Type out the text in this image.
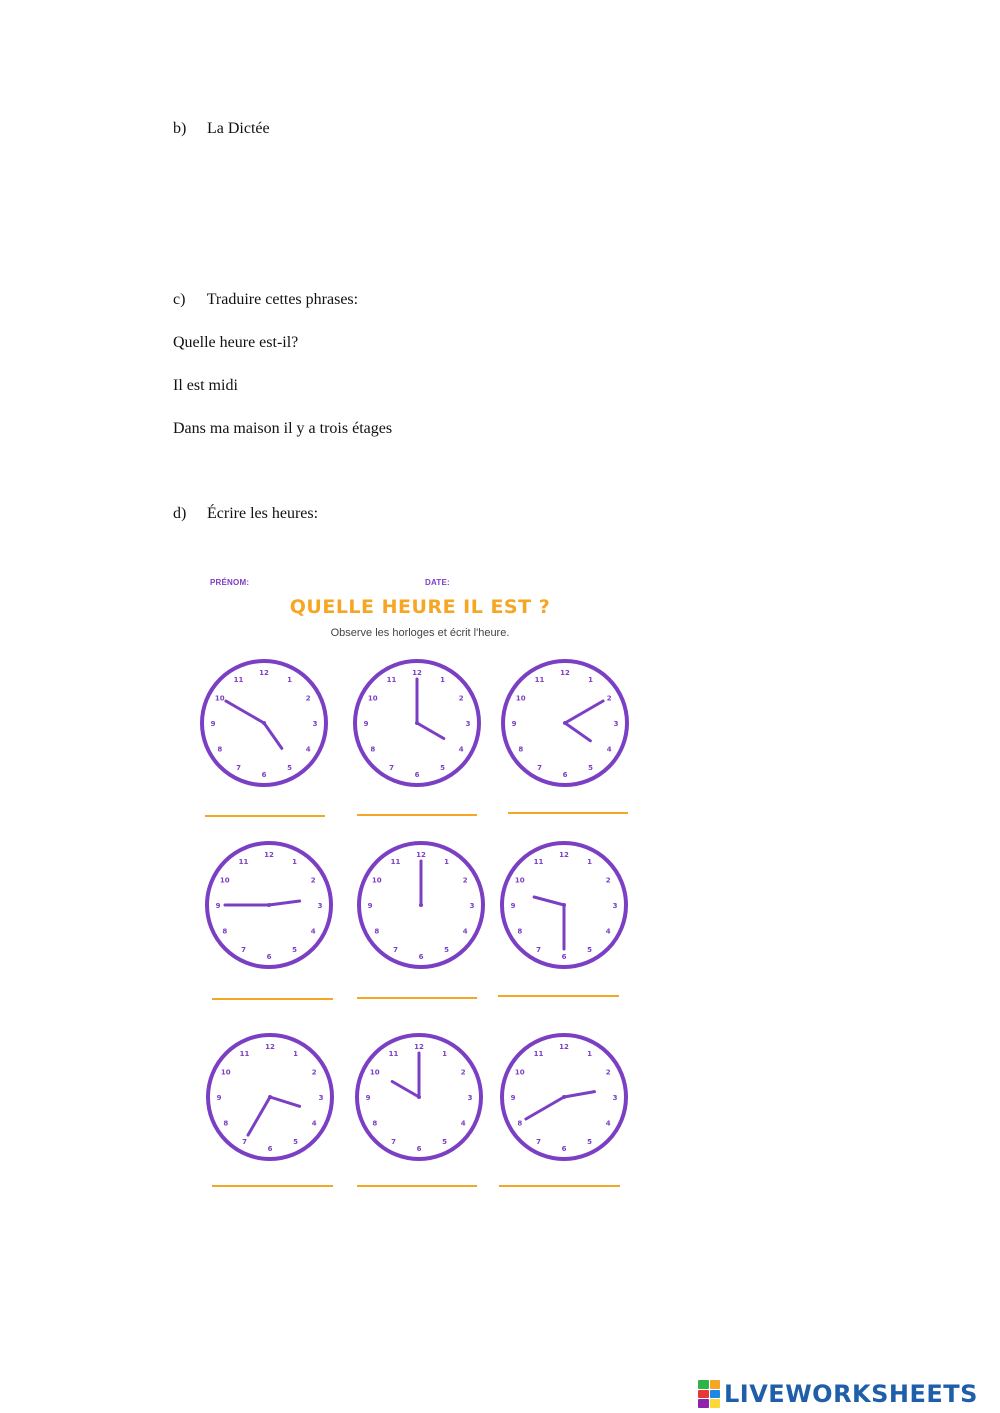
b) La Dictée
c) Traduire cettes phrases:
Quelle heure est-il?
Il est midi
Dans ma maison il y a trois étages
d) Écrire les heures:
PRÉNOM:	DATE:
QUELLE HEURE IL EST ?
Observe les horloges et écrit l'heure.
12
1
2
3
4
5
6
7
8
9
10
11
12
1
2
3
4
5
6
7
8
9
10
11
12
1
2
3
4
5
6
7
8
9
10
11
12
1
2
3
4
5
6
7
8
9
10
11
12
1
2
3
4
5
6
7
8
9
10
11
12
1
2
3
4
5
6
7
8
9
10
11
12
1
2
3
4
5
6
7
8
9
10
11
12
1
2
3
4
5
6
7
8
9
10
11
12
1
2
3
4
5
6
7
8
9
10
11
LIVEWORKSHEETS
